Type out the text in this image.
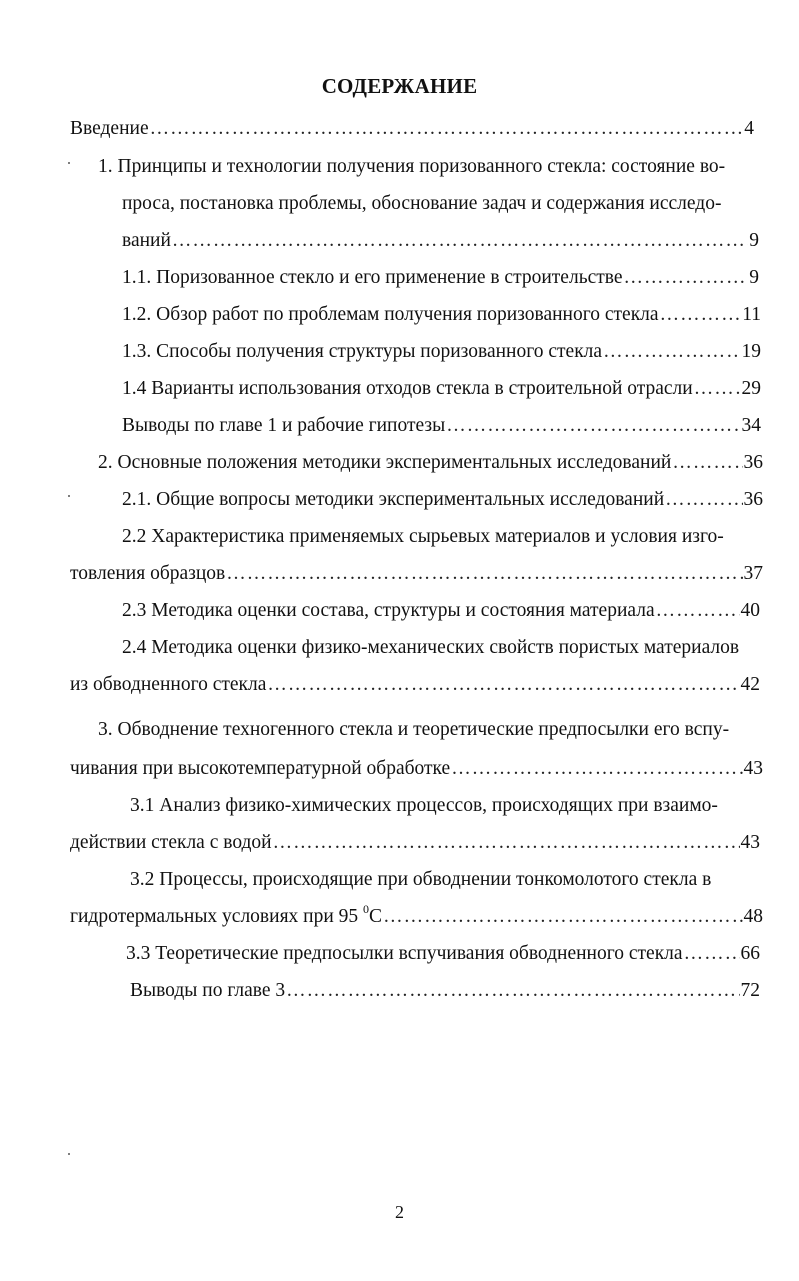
СОДЕРЖАНИЕ
Введение ……………………………………………………………………………………………………………………………………………………………………………………………………	4
1. Принципы и технологии получения поризованного стекла: состояние во-
проса, постановка проблемы, обоснование задач и содержания исследо-
ваний ……………………………………………………………………………………………………………………………………………………………………………………………………	9
1.1. Поризованное стекло и его применение в строительстве ……………………………………………………………………………………………………………………………………………………………………………………………………	9
1.2. Обзор работ по проблемам получения поризованного стекла ……………………………………………………………………………………………………………………………………………………………………………………………………	11
1.3. Способы получения структуры поризованного стекла ……………………………………………………………………………………………………………………………………………………………………………………………………	19
1.4 Варианты использования отходов стекла в строительной отрасли ……………………………………………………………………………………………………………………………………………………………………………………………………	29
Выводы по главе 1 и рабочие гипотезы ……………………………………………………………………………………………………………………………………………………………………………………………………	34
2. Основные положения методики экспериментальных исследований ……………………………………………………………………………………………………………………………………………………………………………………………………	36
2.1. Общие вопросы методики экспериментальных исследований ……………………………………………………………………………………………………………………………………………………………………………………………………	36
2.2 Характеристика применяемых сырьевых материалов и условия изго-
товления образцов ……………………………………………………………………………………………………………………………………………………………………………………………………	37
2.3 Методика оценки состава, структуры и состояния материала ……………………………………………………………………………………………………………………………………………………………………………………………………	40
2.4 Методика оценки физико-механических свойств пористых материалов
из обводненного стекла ……………………………………………………………………………………………………………………………………………………………………………………………………	42
3. Обводнение техногенного стекла и теоретические предпосылки его вспу-
чивания при высокотемпературной обработке ……………………………………………………………………………………………………………………………………………………………………………………………………	43
3.1 Анализ физико-химических процессов, происходящих при взаимо-
действии стекла с водой ……………………………………………………………………………………………………………………………………………………………………………………………………	43
3.2 Процессы, происходящие при обводнении тонкомолотого стекла в
гидротермальных условиях при 95 $^0$С ……………………………………………………………………………………………………………………………………………………………………………………………………	48
3.3 Теоретические предпосылки вспучивания обводненного стекла ……………………………………………………………………………………………………………………………………………………………………………………………………	66
Выводы по главе 3 ……………………………………………………………………………………………………………………………………………………………………………………………………	72
2
